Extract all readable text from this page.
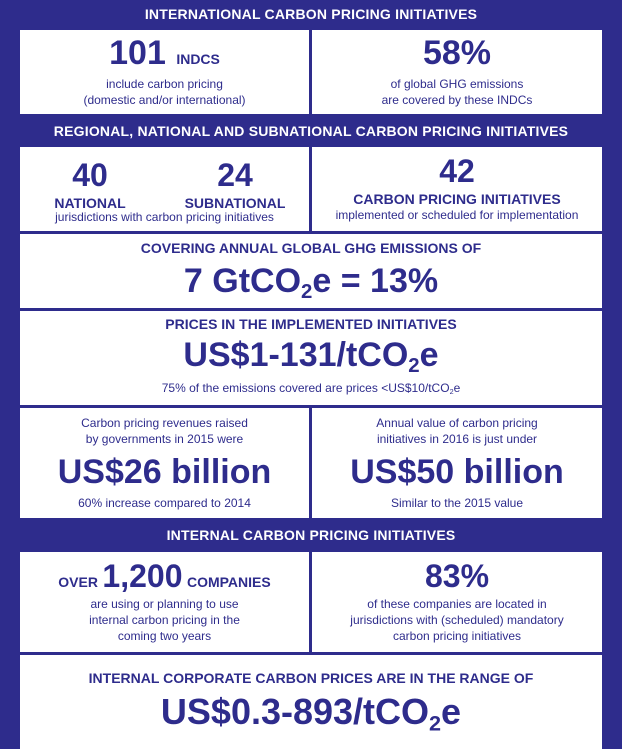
INTERNATIONAL CARBON PRICING INITIATIVES
101 INDCS
include carbon pricing
(domestic and/or international)
58%
of global GHG emissions
are covered by these INDCs
REGIONAL, NATIONAL AND SUBNATIONAL CARBON PRICING INITIATIVES
40
NATIONAL
24
SUBNATIONAL
jurisdictions with carbon pricing initiatives
42
CARBON PRICING INITIATIVES
implemented or scheduled for implementation
COVERING ANNUAL GLOBAL GHG EMISSIONS OF
7 GtCO$_2$e = 13%
PRICES IN THE IMPLEMENTED INITIATIVES
US$1-131/tCO$_2$e
75% of the emissions covered are prices <US$10/tCO$_2$e
Carbon pricing revenues raised
by governments in 2015 were
US$26 billion
60% increase compared to 2014
Annual value of carbon pricing
initiatives in 2016 is just under
US$50 billion
Similar to the 2015 value
INTERNAL CARBON PRICING INITIATIVES
OVER 1,200 COMPANIES
are using or planning to use
internal carbon pricing in the
coming two years
83%
of these companies are located in
jurisdictions with (scheduled) mandatory
carbon pricing initiatives
INTERNAL CORPORATE CARBON PRICES ARE IN THE RANGE OF
US$0.3-893/tCO$_2$e
